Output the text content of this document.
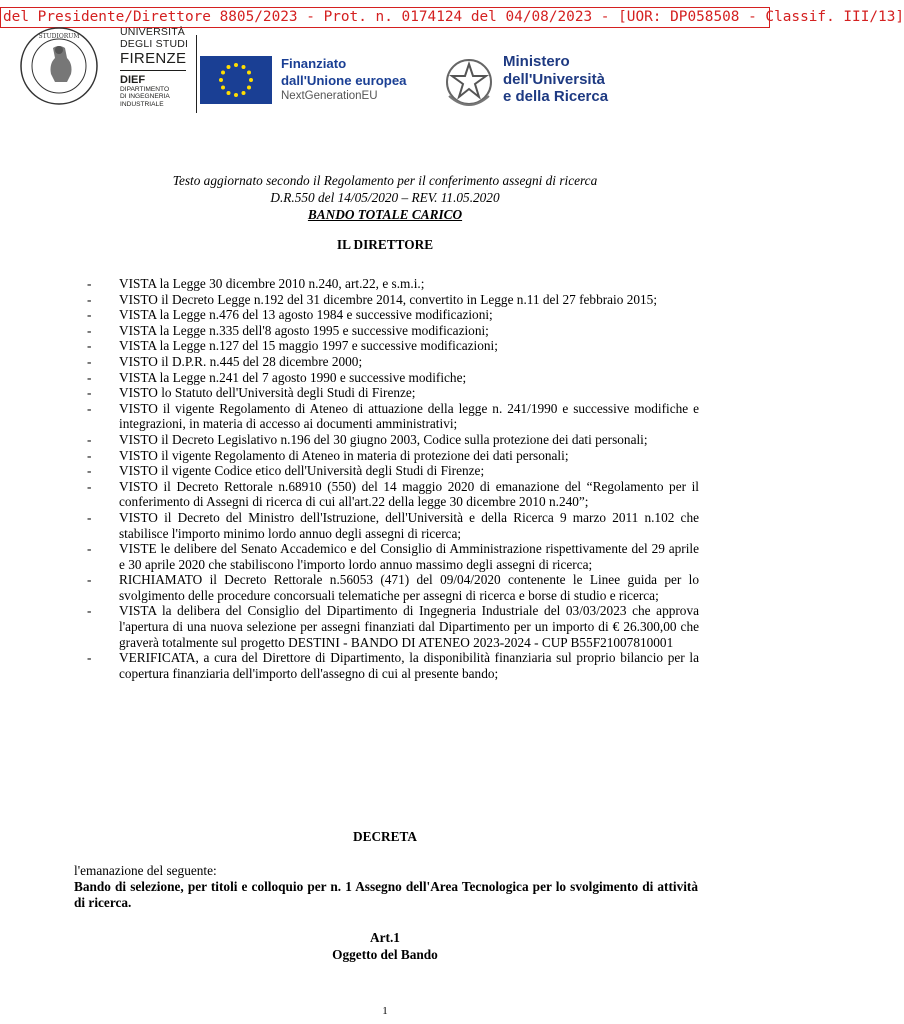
del Presidente/Direttore 8805/2023 - Prot. n. 0174124 del 04/08/2023 - [UOR: DP058508 - Classif. III/13]
STUDIORUM	UNIVERSITÀ
DEGLI STUDI
FIRENZE
DIEF
DIPARTIMENTO
DI INGEGNERIA
INDUSTRIALE
Finanziato
dall'Unione europea
NextGenerationEU
Ministero
dell'Università
e della Ricerca
Testo aggiornato secondo il Regolamento per il conferimento assegni di ricerca
D.R.550 del 14/05/2020 – REV. 11.05.2020
BANDO TOTALE CARICO
IL DIRETTORE
- VISTA la Legge 30 dicembre 2010 n.240, art.22, e s.m.i.;
- VISTO il Decreto Legge n.192 del 31 dicembre 2014, convertito in Legge n.11 del 27 febbraio 2015;
- VISTA la Legge n.476 del 13 agosto 1984 e successive modificazioni;
- VISTA la Legge n.335 dell'8 agosto 1995 e successive modificazioni;
- VISTA la Legge n.127 del 15 maggio 1997 e successive modificazioni;
- VISTO il D.P.R. n.445 del 28 dicembre 2000;
- VISTA la Legge n.241 del 7 agosto 1990 e successive modifiche;
- VISTO lo Statuto dell'Università degli Studi di Firenze;
- VISTO il vigente Regolamento di Ateneo di attuazione della legge n. 241/1990 e successive modifiche e integrazioni, in materia di accesso ai documenti amministrativi;
- VISTO il Decreto Legislativo n.196 del 30 giugno 2003, Codice sulla protezione dei dati personali;
- VISTO il vigente Regolamento di Ateneo in materia di protezione dei dati personali;
- VISTO il vigente Codice etico dell'Università degli Studi di Firenze;
- VISTO il Decreto Rettorale n.68910 (550) del 14 maggio 2020 di emanazione del “Regolamento per il conferimento di Assegni di ricerca di cui all'art.22 della legge 30 dicembre 2010 n.240”;
- VISTO il Decreto del Ministro dell'Istruzione, dell'Università e della Ricerca 9 marzo 2011 n.102 che stabilisce l'importo minimo lordo annuo degli assegni di ricerca;
- VISTE le delibere del Senato Accademico e del Consiglio di Amministrazione rispettivamente del 29 aprile e 30 aprile 2020 che stabiliscono l'importo lordo annuo massimo degli assegni di ricerca;
- RICHIAMATO il Decreto Rettorale n.56053 (471) del 09/04/2020 contenente le Linee guida per lo svolgimento delle procedure concorsuali telematiche per assegni di ricerca e borse di studio e ricerca;
- VISTA la delibera del Consiglio del Dipartimento di Ingegneria Industriale del 03/03/2023 che approva l'apertura di una nuova selezione per assegni finanziati dal Dipartimento per un importo di € 26.300,00 che graverà totalmente sul progetto DESTINI - BANDO DI ATENEO 2023-2024 - CUP B55F21007810001
- VERIFICATA, a cura del Direttore di Dipartimento, la disponibilità finanziaria sul proprio bilancio per la copertura finanziaria dell'importo dell'assegno di cui al presente bando;
DECRETA
l'emanazione del seguente:
Bando di selezione, per titoli e colloquio per n. 1 Assegno dell'Area Tecnologica per lo svolgimento di attività di ricerca.
Art.1
Oggetto del Bando
1
